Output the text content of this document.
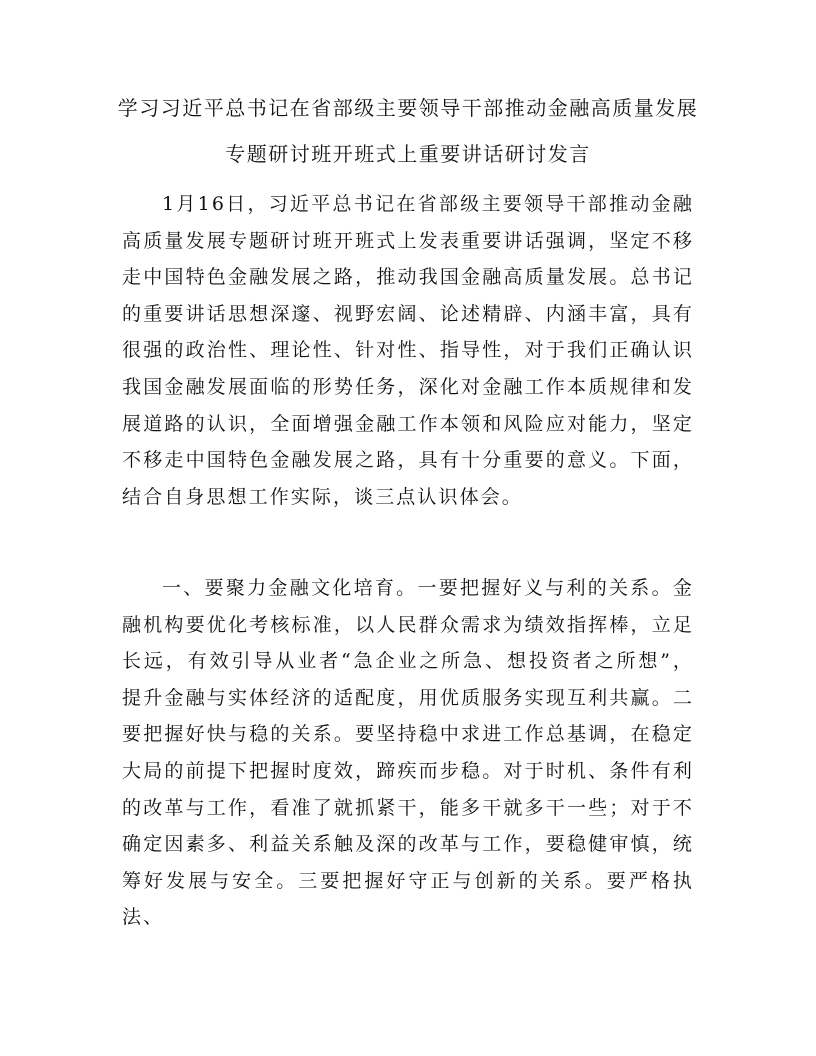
学习习近平总书记在省部级主要领导干部推动金融高质量发展
专题研讨班开班式上重要讲话研讨发言

1月16日，习近平总书记在省部级主要领导干部推动金融高质量发展专题研讨班开班式上发表重要讲话强调，坚定不移走中国特色金融发展之路，推动我国金融高质量发展。总书记的重要讲话思想深邃、视野宏阔、论述精辟、内涵丰富，具有很强的政治性、理论性、针对性、指导性，对于我们正确认识我国金融发展面临的形势任务，深化对金融工作本质规律和发展道路的认识，全面增强金融工作本领和风险应对能力，坚定不移走中国特色金融发展之路，具有十分重要的意义。下面，结合自身思想工作实际，谈三点认识体会。

一、要聚力金融文化培育。一要把握好义与利的关系。金融机构要优化考核标准，以人民群众需求为绩效指挥棒，立足长远，有效引导从业者“急企业之所急、想投资者之所想”，提升金融与实体经济的适配度，用优质服务实现互利共赢。二要把握好快与稳的关系。要坚持稳中求进工作总基调，在稳定大局的前提下把握时度效，蹄疾而步稳。对于时机、条件有利的改革与工作，看准了就抓紧干，能多干就多干一些；对于不确定因素多、利益关系触及深的改革与工作，要稳健审慎，统筹好发展与安全。三要把握好守正与创新的关系。要严格执法、
